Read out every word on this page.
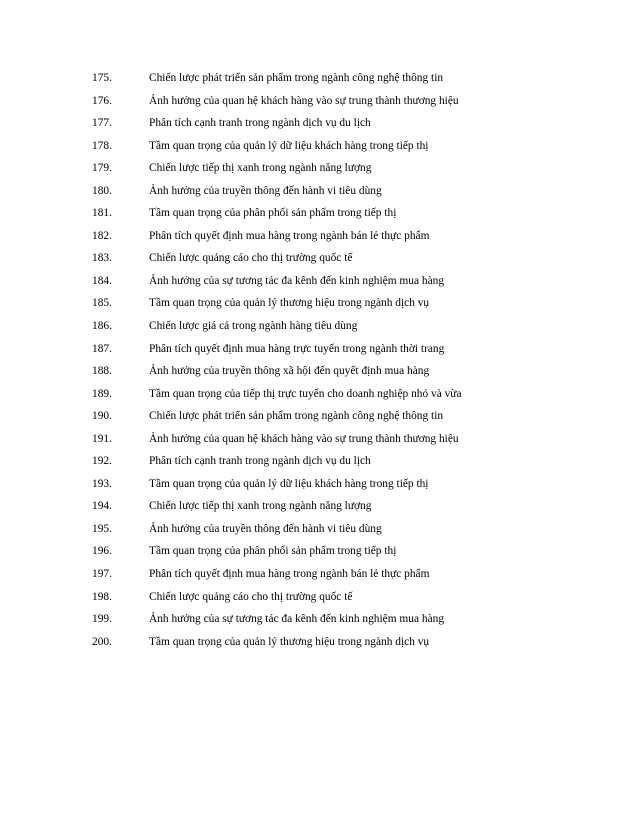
175.	Chiến lược phát triển sản phẩm trong ngành công nghệ thông tin
176.	Ảnh hưởng của quan hệ khách hàng vào sự trung thành thương hiệu
177.	Phân tích cạnh tranh trong ngành dịch vụ du lịch
178.	Tầm quan trọng của quản lý dữ liệu khách hàng trong tiếp thị
179.	Chiến lược tiếp thị xanh trong ngành năng lượng
180.	Ảnh hưởng của truyền thông đến hành vi tiêu dùng
181.	Tầm quan trọng của phân phối sản phẩm trong tiếp thị
182.	Phân tích quyết định mua hàng trong ngành bán lẻ thực phẩm
183.	Chiến lược quảng cáo cho thị trường quốc tế
184.	Ảnh hưởng của sự tương tác đa kênh đến kinh nghiệm mua hàng
185.	Tầm quan trọng của quản lý thương hiệu trong ngành dịch vụ
186.	Chiến lược giá cả trong ngành hàng tiêu dùng
187.	Phân tích quyết định mua hàng trực tuyến trong ngành thời trang
188.	Ảnh hưởng của truyền thông xã hội đến quyết định mua hàng
189.	Tầm quan trọng của tiếp thị trực tuyến cho doanh nghiệp nhỏ và vừa
190.	Chiến lược phát triển sản phẩm trong ngành công nghệ thông tin
191.	Ảnh hưởng của quan hệ khách hàng vào sự trung thành thương hiệu
192.	Phân tích cạnh tranh trong ngành dịch vụ du lịch
193.	Tầm quan trọng của quản lý dữ liệu khách hàng trong tiếp thị
194.	Chiến lược tiếp thị xanh trong ngành năng lượng
195.	Ảnh hưởng của truyền thông đến hành vi tiêu dùng
196.	Tầm quan trọng của phân phối sản phẩm trong tiếp thị
197.	Phân tích quyết định mua hàng trong ngành bán lẻ thực phẩm
198.	Chiến lược quảng cáo cho thị trường quốc tế
199.	Ảnh hưởng của sự tương tác đa kênh đến kinh nghiệm mua hàng
200.	Tầm quan trọng của quản lý thương hiệu trong ngành dịch vụ
